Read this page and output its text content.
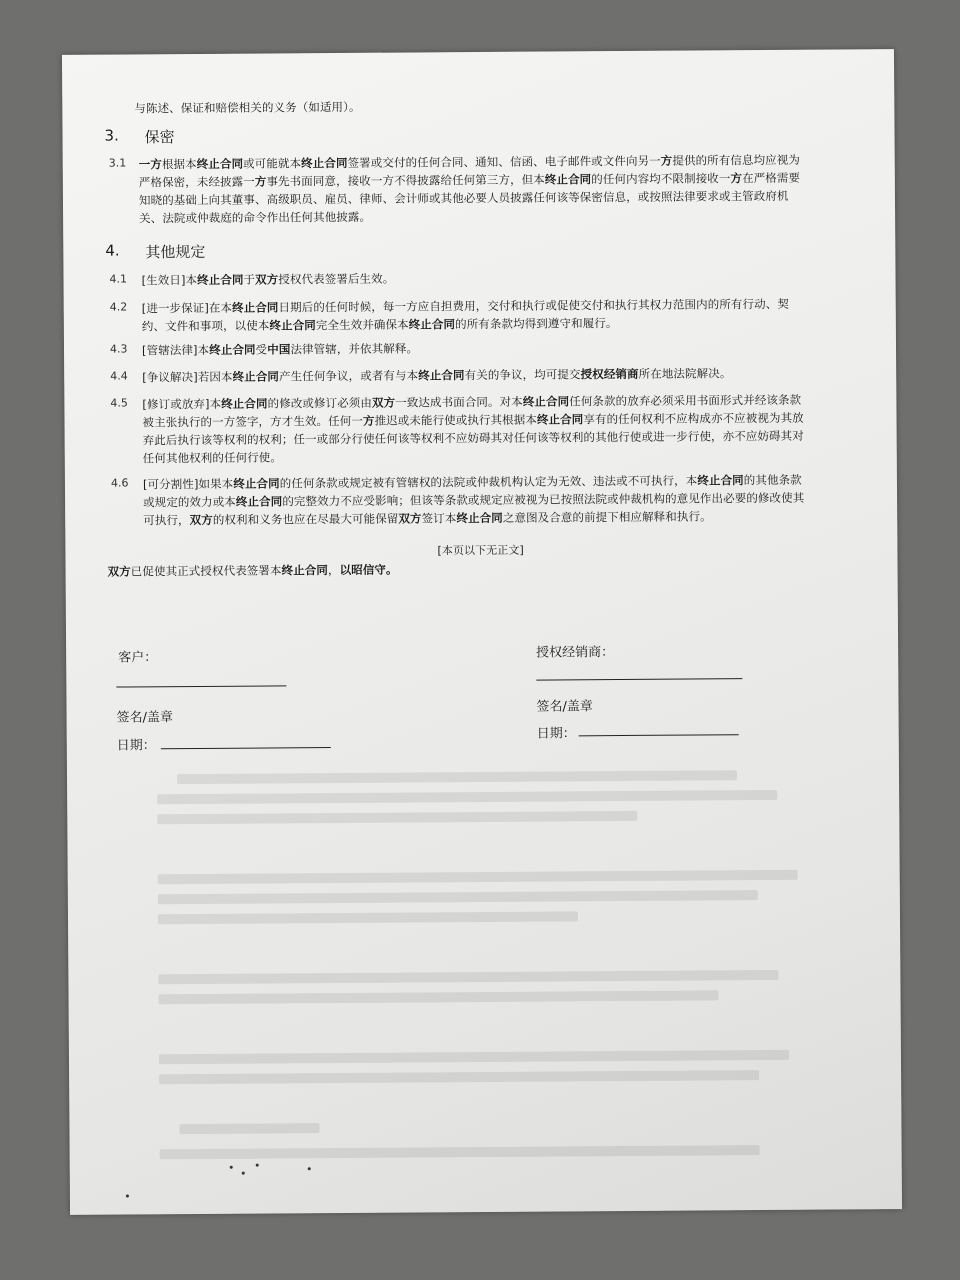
与陈述、保证和赔偿相关的义务（如适用）。
3. 保密
3.1 一方根据本终止合同或可能就本终止合同签署或交付的任何合同、通知、信函、电子邮件或文件向另一方提供的所有信息均应视为
严格保密，未经披露一方事先书面同意，接收一方不得披露给任何第三方，但本终止合同的任何内容均不限制接收一方在严格需要
知晓的基础上向其董事、高级职员、雇员、律师、会计师或其他必要人员披露任何该等保密信息，或按照法律要求或主管政府机
关、法院或仲裁庭的命令作出任何其他披露。
4. 其他规定
4.1 [生效日]本终止合同于双方授权代表签署后生效。
4.2 [进一步保证]在本终止合同日期后的任何时候，每一方应自担费用，交付和执行或促使交付和执行其权力范围内的所有行动、契
约、文件和事项，以使本终止合同完全生效并确保本终止合同的所有条款均得到遵守和履行。
4.3 [管辖法律]本终止合同受中国法律管辖，并依其解释。
4.4 [争议解决]若因本终止合同产生任何争议，或者有与本终止合同有关的争议，均可提交授权经销商所在地法院解决。
4.5 [修订或放弃]本终止合同的修改或修订必须由双方一致达成书面合同。对本终止合同任何条款的放弃必须采用书面形式并经该条款
被主张执行的一方签字，方才生效。任何一方推迟或未能行使或执行其根据本终止合同享有的任何权利不应构成亦不应被视为其放
弃此后执行该等权利的权利；任一或部分行使任何该等权利不应妨碍其对任何该等权利的其他行使或进一步行使，亦不应妨碍其对
任何其他权利的任何行使。
4.6 [可分割性]如果本终止合同的任何条款或规定被有管辖权的法院或仲裁机构认定为无效、违法或不可执行，本终止合同的其他条款
或规定的效力或本终止合同的完整效力不应受影响；但该等条款或规定应被视为已按照法院或仲裁机构的意见作出必要的修改使其
可执行，双方的权利和义务也应在尽最大可能保留双方签订本终止合同之意图及合意的前提下相应解释和执行。
[本页以下无正文]
双方已促使其正式授权代表签署本终止合同，以昭信守。
客户：
签名/盖章
日期：
授权经销商：
签名/盖章
日期：
